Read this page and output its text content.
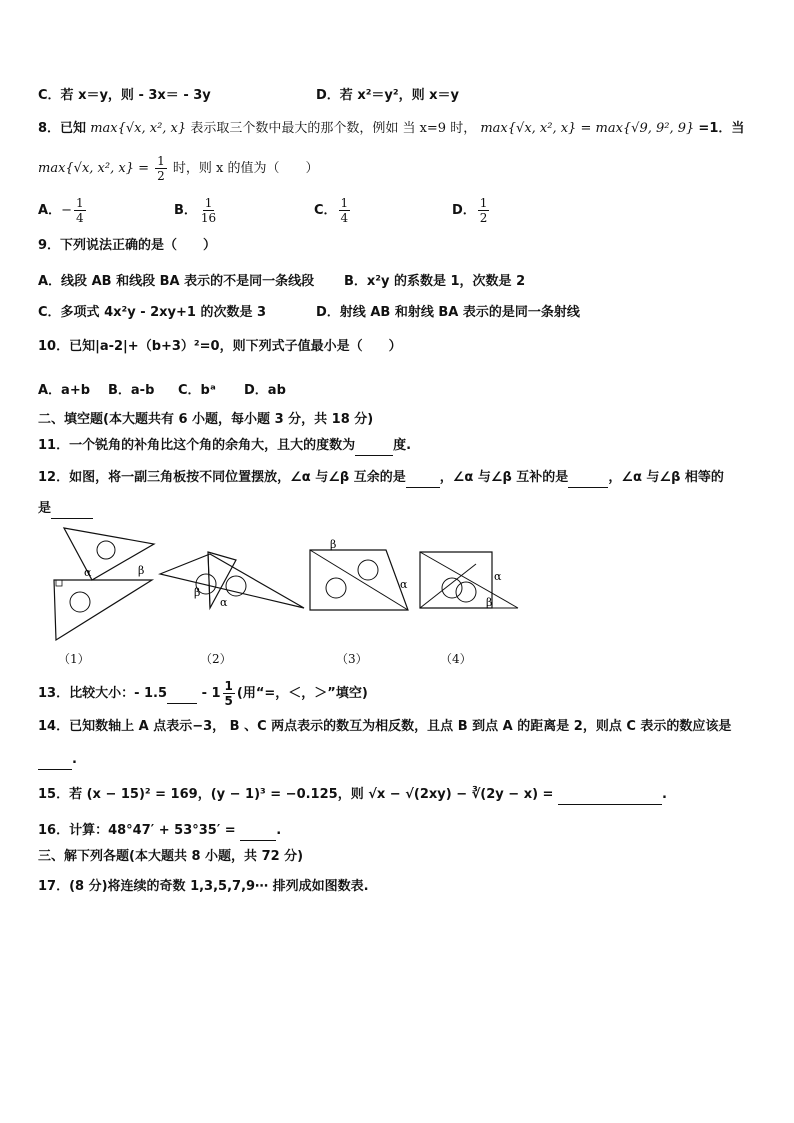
C．若 x＝y，则 - 3x＝ - 3y	D．若 x²＝y²，则 x＝y
8．已知 max{√x, x², x} 表示取三个数中最大的那个数，例如 当 x=9 时， max{√x, x², x} = max{√9, 9², 9} =1．当
max{√x, x², $x\} = \frac{1}{2}$ 时，则 x 的值为（　　）
A．− $\frac{1}{4}$	B． $\frac{1}{16}$	C． $\frac{1}{4}$	D． $\frac{1}{2}$
9．下列说法正确的是（　　）
A．线段 AB 和线段 BA 表示的不是同一条线段 B．x²y 的系数是 1，次数是 2
C．多项式 4x²y - 2xy+1 的次数是 3	D．射线 AB 和射线 BA 表示的是同一条射线
10．已知|a-2|+（b+3）²=0，则下列式子值最小是（　　）
A．a+b B．a-b C．bᵃ D．ab
二、填空题(本大题共有 6 小题，每小题 3 分，共 18 分)
11．一个锐角的补角比这个角的余角大，且大的度数为	度.
12．如图，将一副三角板按不同位置摆放，∠α 与∠β 互余的是	，∠α 与∠β 互补的是	，∠α 与∠β 相等的
是
α	β
β
α
β
α
α
β
（1）	（2）	（3）	（4）
13．比较大小：- 1.5	- $1 \frac{1}{5}$ (用“=，＜，＞”填空)
14．已知数轴上 A 点表示−3， B 、C 两点表示的数互为相反数，且点 B 到点 A 的距离是 2，则点 C 表示的数应该是
.
15．若 (x − 15)² = 169，(y − 1)³ = −0.125，则 √x − √(2xy) − ∛(2y − x) =	.
16．计算：48°47′ + 53°35′ =	.
三、解下列各题(本大题共 8 小题，共 72 分)
17．(8 分)将连续的奇数 1,3,5,7,9⋯ 排列成如图数表.
